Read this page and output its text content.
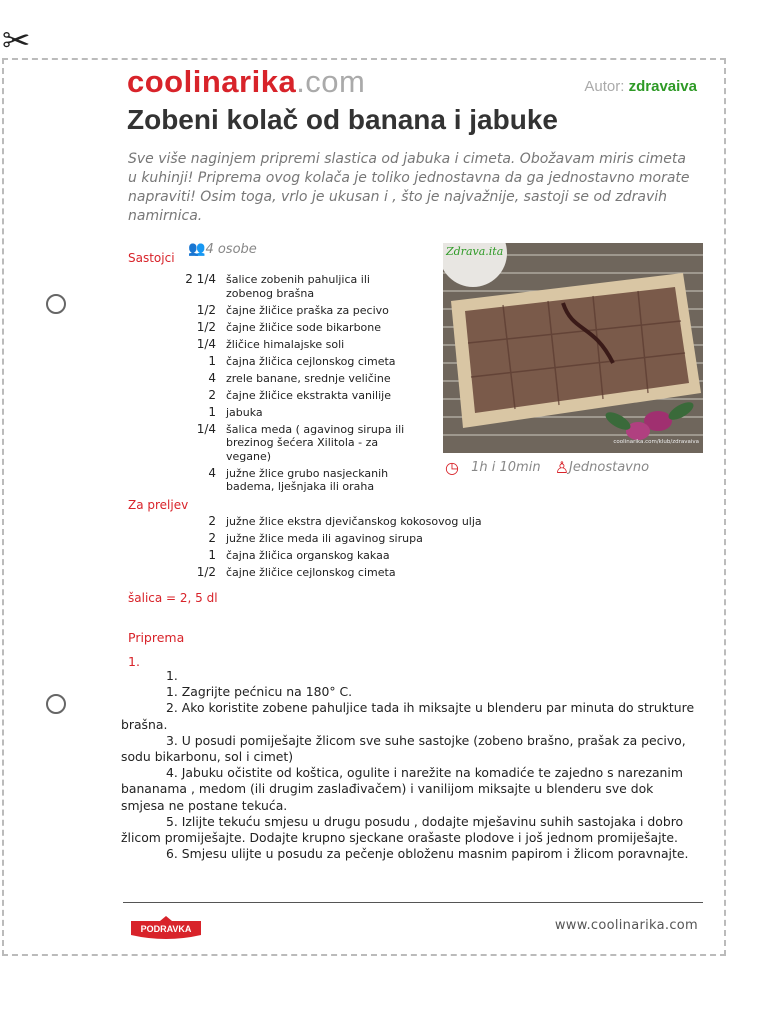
✂
coolinarika.com	Autor: zdravaiva
Zobeni kolač od banana i jabuke
Sve više naginjem pripremi slastica od jabuka i cimeta. Obožavam miris cimeta u kuhinji! Priprema ovog kolača je toliko jednostavna da ga jednostavno morate napraviti! Osim toga, vrlo je ukusan i , što je najvažnije, sastoji se od zdravih namirnica.
Sastojci
👥4 osobe
2 1/4	šalice zobenih pahuljica ili zobenog brašna
1/2	čajne žličice praška za pecivo
1/2	čajne žličice sode bikarbone
1/4	žličice himalajske soli
1	čajna žličica cejlonskog cimeta
4	zrele banane, srednje veličine
2	čajne žličice ekstrakta vanilije
1	jabuka
1/4	šalica meda ( agavinog sirupa ili brezinog šećera Xilitola - za vegane)
4	južne žlice grubo nasjeckanih badema, lješnjaka ili oraha
Za preljev
2	južne žlice ekstra djevičanskog kokosovog ulja
2	južne žlice meda ili agavinog sirupa
1	čajna žličica organskog kakaa
1/2	čajne žličice cejlonskog cimeta
šalica = 2, 5 dl
Zdrava.ita
coolinarika.com/klub/zdravaiva
◷ 1h i 10min ♙Jednostavno
Priprema
1.

1.

1. Zagrijte pećnicu na 180° C.

2. Ako koristite zobene pahuljice tada ih miksajte u blenderu par minuta do strukture brašna.

3. U posudi pomiješajte žlicom sve suhe sastojke (zobeno brašno, prašak za pecivo, sodu bikarbonu, sol i cimet)

4. Jabuku očistite od koštica, ogulite i narežite na komadiće te zajedno s narezanim bananama , medom (ili drugim zaslađivačem) i vanilijom miksajte u blenderu sve dok smjesa ne postane tekuća.

5. Izlijte tekuću smjesu u drugu posudu , dodajte mješavinu suhih sastojaka i dobro žlicom promiješajte. Dodajte krupno sjeckane orašaste plodove i još jednom promiješajte.

6. Smjesu ulijte u posudu za pečenje obloženu masnim papirom i žlicom poravnajte.

PODRAVKA	www.coolinarika.com
